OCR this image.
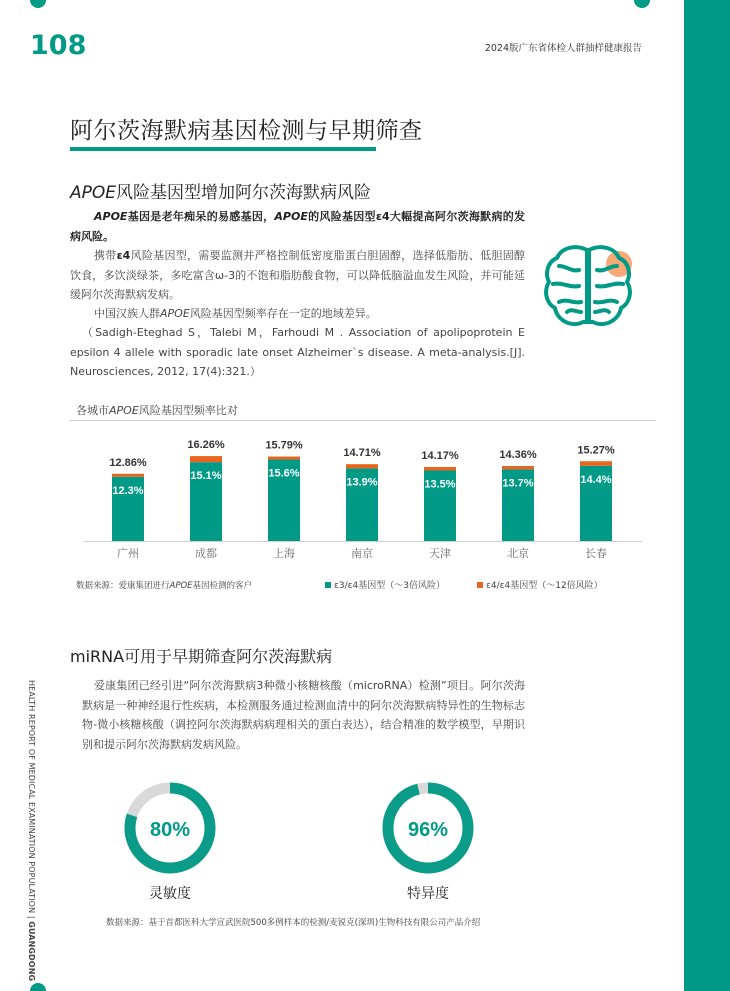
108	2024版广东省体检人群抽样健康报告
阿尔茨海默病基因检测与早期筛查
APOE风险基因型增加阿尔茨海默病风险
APOE基因是老年痴呆的易感基因，APOE的风险基因型ε4大幅提高阿尔茨海默病的发病风险。
携带ε4风险基因型，需要监测并严格控制低密度脂蛋白胆固醇，选择低脂肪、低胆固醇饮食，多饮淡绿茶，多吃富含ω-3的不饱和脂肪酸食物，可以降低脑溢血发生风险，并可能延缓阿尔茨海默病发病。
中国汉族人群APOE风险基因型频率存在一定的地域差异。
（Sadigh-Eteghad S，Talebi M，Farhoudi M . Association of apolipoprotein E epsilon 4 allele with sporadic late onset Alzheimer`s disease. A meta-analysis.[J]. Neurosciences, 2012, 17(4):321.）
各城市APOE风险基因型频率比对
12.3%
12.86%
广州
15.1%
16.26%
成都
15.6%
15.79%
上海
13.9%
14.71%
南京
13.5%
14.17%
天津
13.7%
14.36%
北京
14.4%
15.27%
长春
数据来源：爱康集团进行APOE基因检测的客户	ε3/ε4基因型（～3倍风险）	ε4/ε4基因型（～12倍风险）
miRNA可用于早期筛查阿尔茨海默病
爱康集团已经引进“阿尔茨海默病3种微小核糖核酸（microRNA）检测”项目。阿尔茨海默病是一种神经退行性疾病，本检测服务通过检测血清中的阿尔茨海默病特异性的生物标志物-微小核糖核酸（调控阿尔茨海默病病理相关的蛋白表达），结合精准的数学模型，早期识别和提示阿尔茨海默病发病风险。
80%	96%
灵敏度	特异度
数据来源：基于首都医科大学宣武医院500多例样本的检测/麦锐克(深圳)生物科技有限公司产品介绍
HEALTH REPORT OF MEDICAL EXAMINATION POPULATION | GUANGDONG
